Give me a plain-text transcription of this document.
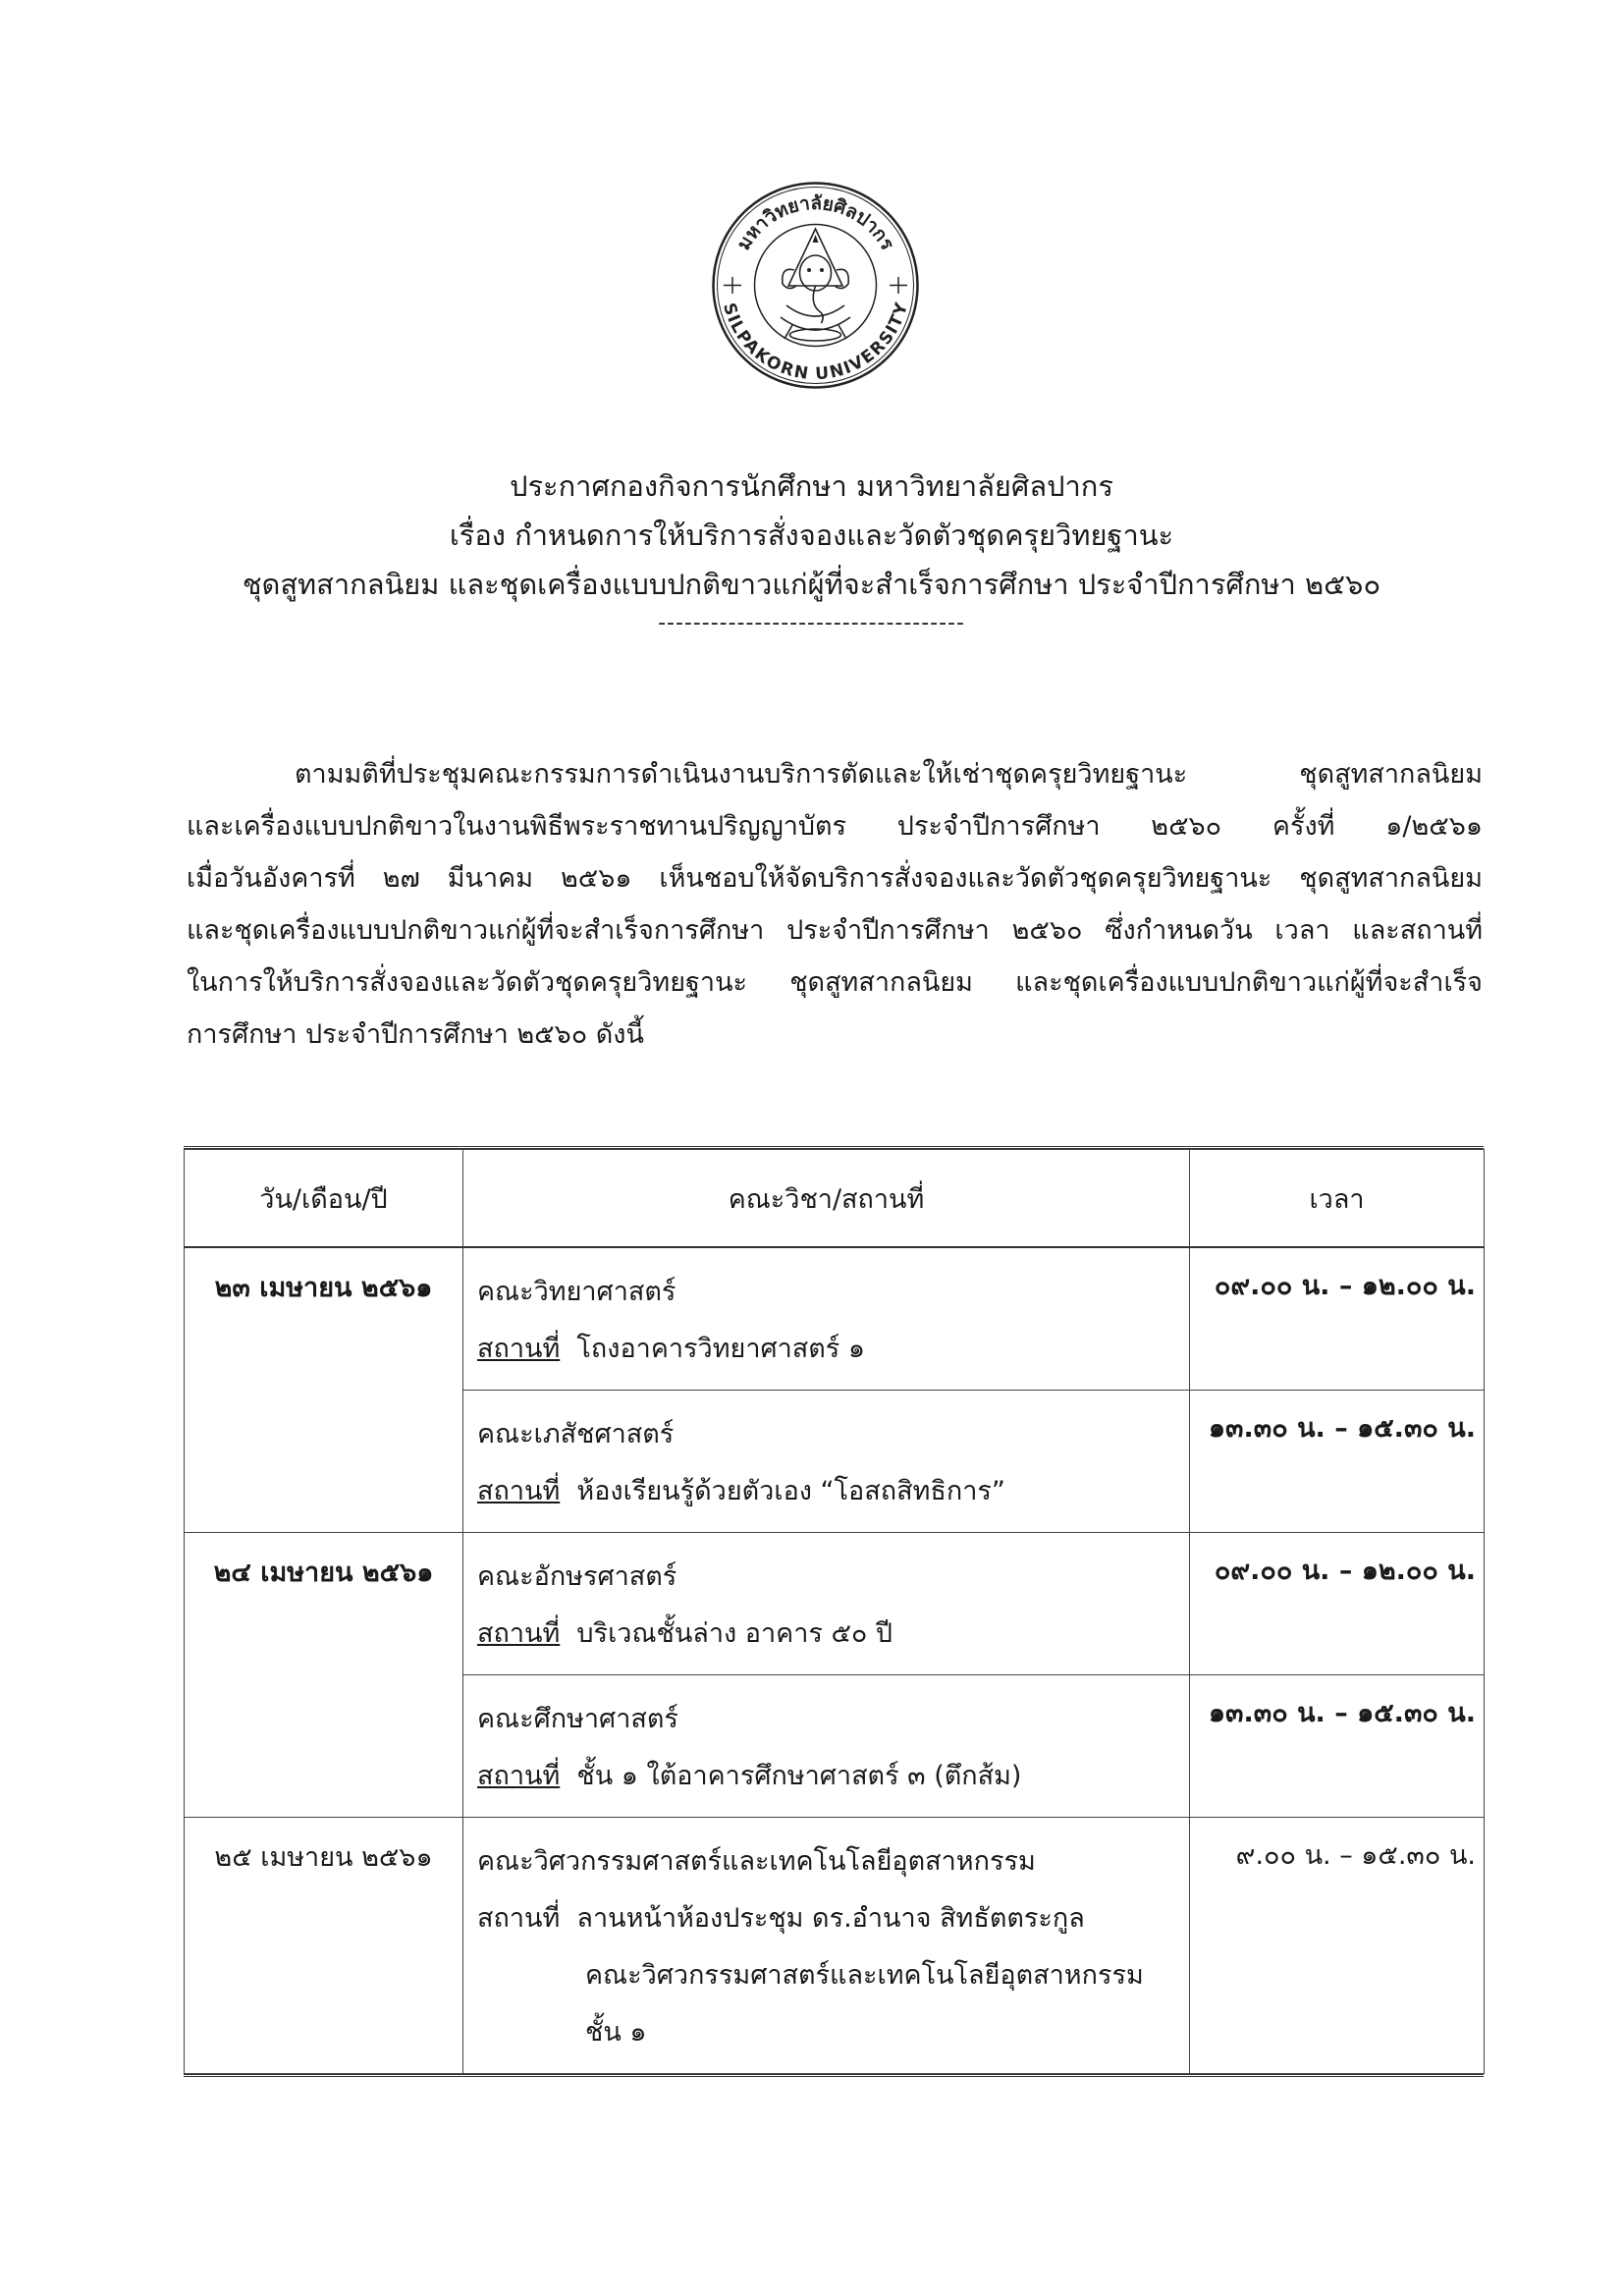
มหาวิทยาลัยศิลปากร
SILPAKORN UNIVERSITY
ประกาศกองกิจการนักศึกษา มหาวิทยาลัยศิลปากร
เรื่อง กำหนดการให้บริการสั่งจองและวัดตัวชุดครุยวิทยฐานะ
ชุดสูทสากลนิยม และชุดเครื่องแบบปกติขาวแก่ผู้ที่จะสำเร็จการศึกษา ประจำปีการศึกษา ๒๕๖๐
-----------------------------------
ตามมติที่ประชุมคณะกรรมการดำเนินงานบริการตัดและให้เช่าชุดครุยวิทยฐานะ ชุดสูทสากลนิยม
และเครื่องแบบปกติขาวในงานพิธีพระราชทานปริญญาบัตร ประจำปีการศึกษา ๒๕๖๐ ครั้งที่ ๑/๒๕๖๑
เมื่อวันอังคารที่ ๒๗ มีนาคม ๒๕๖๑ เห็นชอบให้จัดบริการสั่งจองและวัดตัวชุดครุยวิทยฐานะ ชุดสูทสากลนิยม
และชุดเครื่องแบบปกติขาวแก่ผู้ที่จะสำเร็จการศึกษา ประจำปีการศึกษา ๒๕๖๐ ซึ่งกำหนดวัน เวลา และสถานที่
ในการให้บริการสั่งจองและวัดตัวชุดครุยวิทยฐานะ ชุดสูทสากลนิยม และชุดเครื่องแบบปกติขาวแก่ผู้ที่จะสำเร็จ
การศึกษา ประจำปีการศึกษา ๒๕๖๐ ดังนี้
วัน/เดือน/ปี	คณะวิชา/สถานที่	เวลา
๒๓ เมษายน ๒๕๖๑	คณะวิทยาศาสตร์
สถานที่ โถงอาคารวิทยาศาสตร์ ๑	๐๙.๐๐ น. – ๑๒.๐๐ น.

	คณะเภสัชศาสตร์
สถานที่ ห้องเรียนรู้ด้วยตัวเอง “โอสถสิทธิการ”	๑๓.๓๐ น. – ๑๕.๓๐ น.
๒๔ เมษายน ๒๕๖๑	คณะอักษรศาสตร์
สถานที่ บริเวณชั้นล่าง อาคาร ๕๐ ปี	๐๙.๐๐ น. – ๑๒.๐๐ น.

	คณะศึกษาศาสตร์
สถานที่ ชั้น ๑ ใต้อาคารศึกษาศาสตร์ ๓ (ตึกส้ม)	๑๓.๓๐ น. – ๑๕.๓๐ น.
๒๕ เมษายน ๒๕๖๑	คณะวิศวกรรมศาสตร์และเทคโนโลยีอุตสาหกรรม
สถานที่ ลานหน้าห้องประชุม ดร.อำนาจ สิทธัตตระกูล
คณะวิศวกรรมศาสตร์และเทคโนโลยีอุตสาหกรรม
ชั้น ๑	๙.๐๐ น. – ๑๕.๓๐ น.
